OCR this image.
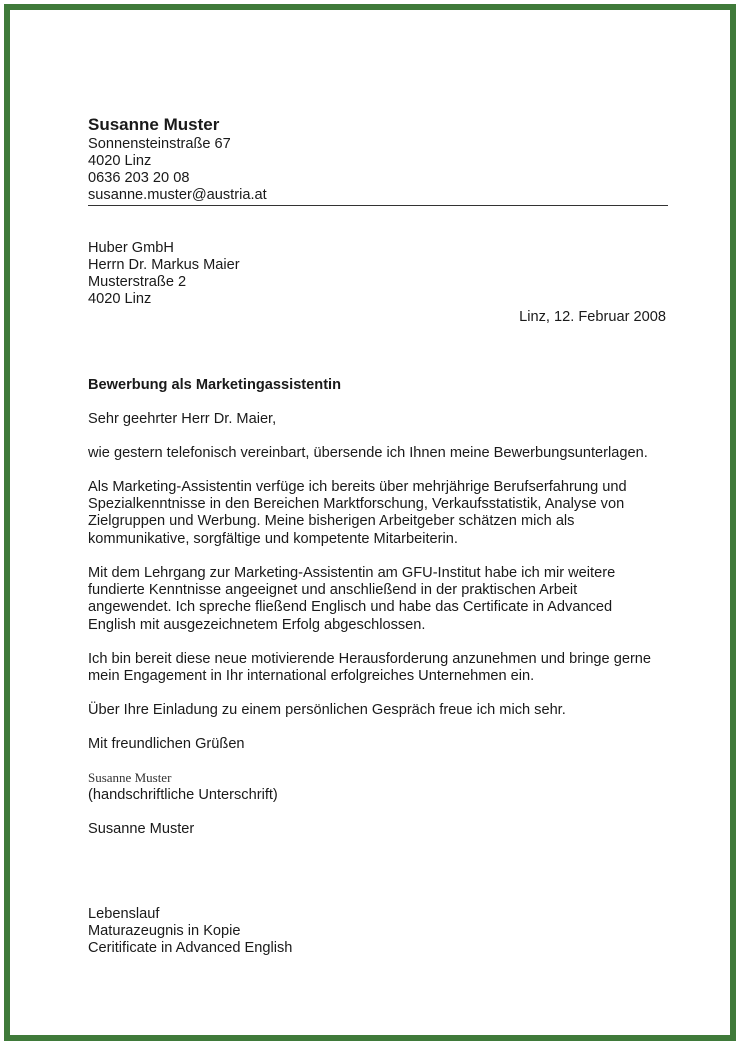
Susanne Muster
Sonnensteinstraße 67
4020 Linz
0636 203 20 08
susanne.muster@austria.at
Huber GmbH
Herrn Dr. Markus Maier
Musterstraße 2
4020 Linz
Linz, 12. Februar 2008
Bewerbung als Marketingassistentin
Sehr geehrter Herr Dr. Maier,
wie gestern telefonisch vereinbart, übersende ich Ihnen meine Bewerbungsunterlagen.
Als Marketing-Assistentin verfüge ich bereits über mehrjährige Berufserfahrung und
Spezialkenntnisse in den Bereichen Marktforschung, Verkaufsstatistik, Analyse von
Zielgruppen und Werbung. Meine bisherigen Arbeitgeber schätzen mich als
kommunikative, sorgfältige und kompetente Mitarbeiterin.
Mit dem Lehrgang zur Marketing-Assistentin am GFU-Institut habe ich mir weitere
fundierte Kenntnisse angeeignet und anschließend in der praktischen Arbeit
angewendet. Ich spreche fließend Englisch und habe das Certificate in Advanced
English mit ausgezeichnetem Erfolg abgeschlossen.
Ich bin bereit diese neue motivierende Herausforderung anzunehmen und bringe gerne
mein Engagement in Ihr international erfolgreiches Unternehmen ein.
Über Ihre Einladung zu einem persönlichen Gespräch freue ich mich sehr.
Mit freundlichen Grüßen
Susanne Muster
(handschriftliche Unterschrift)
Susanne Muster
Lebenslauf
Maturazeugnis in Kopie
Ceritificate in Advanced English
